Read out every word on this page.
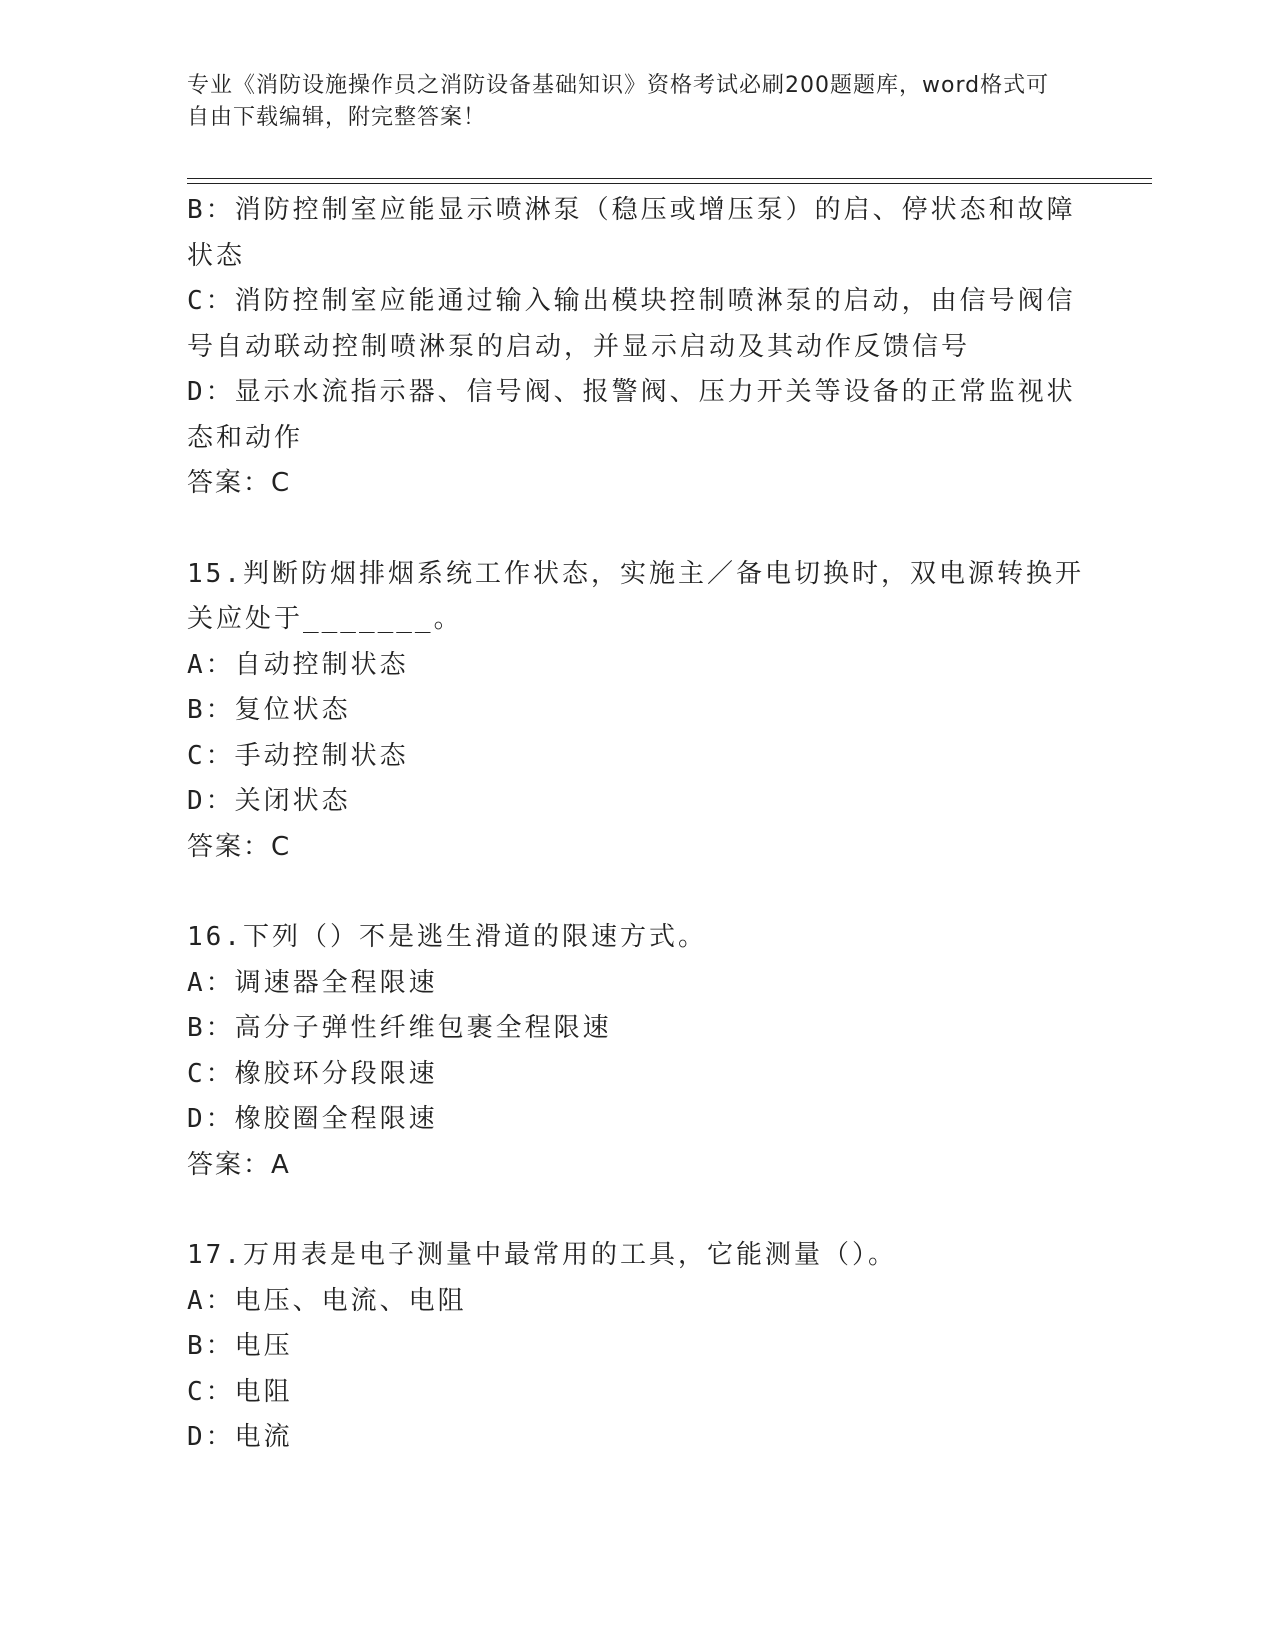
专业《消防设施操作员之消防设备基础知识》资格考试必刷200题题库，word格式可自由下载编辑，附完整答案！
B：消防控制室应能显示喷淋泵（稳压或增压泵）的启、停状态和故障
状态
C：消防控制室应能通过输入输出模块控制喷淋泵的启动，由信号阀信
号自动联动控制喷淋泵的启动，并显示启动及其动作反馈信号
D：显示水流指示器、信号阀、报警阀、压力开关等设备的正常监视状
态和动作
答案：C
15.判断防烟排烟系统工作状态，实施主／备电切换时，双电源转换开
关应处于_______。
A：自动控制状态
B：复位状态
C：手动控制状态
D：关闭状态
答案：C
16.下列（）不是逃生滑道的限速方式。
A：调速器全程限速
B：高分子弹性纤维包裹全程限速
C：橡胶环分段限速
D：橡胶圈全程限速
答案：A
17.万用表是电子测量中最常用的工具，它能测量（）。
A：电压、电流、电阻
B：电压
C：电阻
D：电流
